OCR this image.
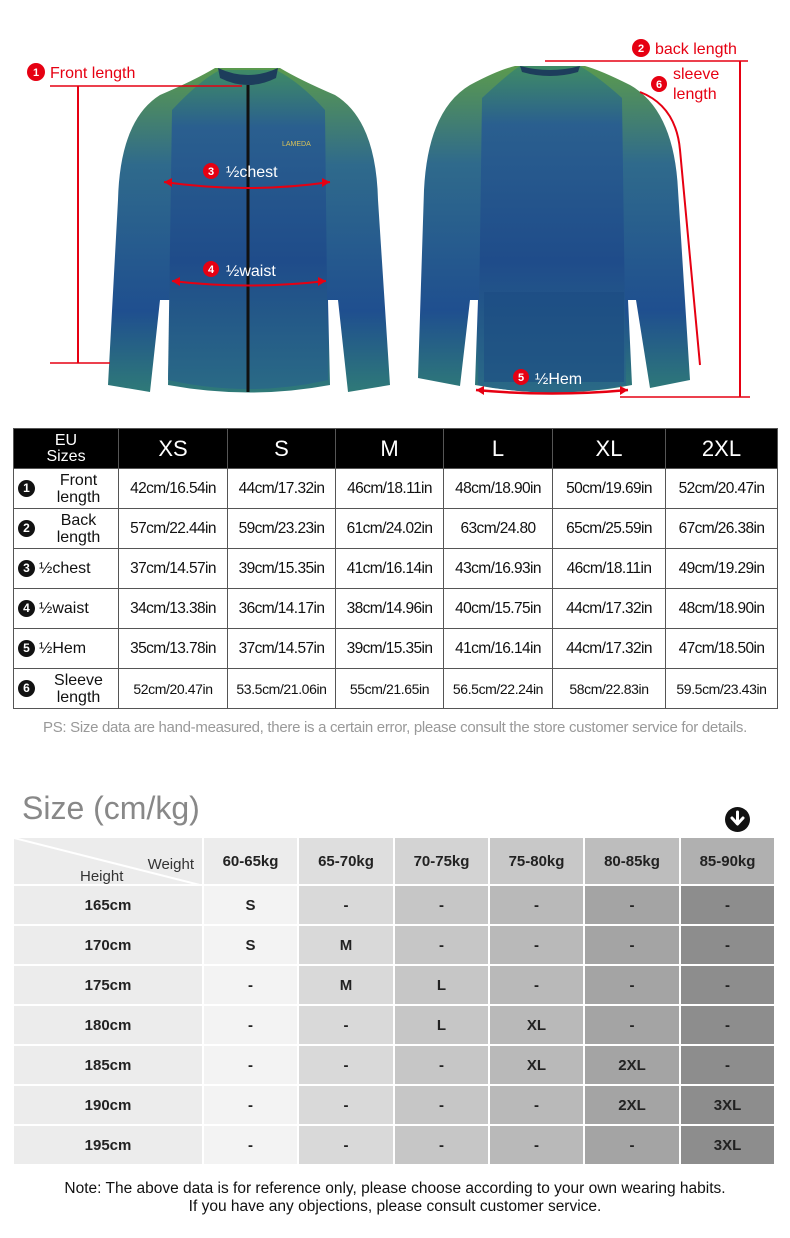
LAMEDA
1 Front length
3 ½chest
4 ½waist
2 back length
6
sleeve
length
5 ½Hem
EU
Sizes	XS	S	M	L	XL	2XL

1 Front
length	42cm/16.54in	44cm/17.32in	46cm/18.11in	48cm/18.90in	50cm/19.69in	52cm/20.47in

2 Back
length	57cm/22.44in	59cm/23.23in	61cm/24.02in	63cm/24.80	65cm/25.59in	67cm/26.38in

3 ½chest	37cm/14.57in	39cm/15.35in	41cm/16.14in	43cm/16.93in	46cm/18.11in	49cm/19.29in

4 ½waist	34cm/13.38in	36cm/14.17in	38cm/14.96in	40cm/15.75in	44cm/17.32in	48cm/18.90in

5 ½Hem	35cm/13.78in	37cm/14.57in	39cm/15.35in	41cm/16.14in	44cm/17.32in	47cm/18.50in

6 Sleeve
length	52cm/20.47in	53.5cm/21.06in	55cm/21.65in	56.5cm/22.24in	58cm/22.83in	59.5cm/23.43in
PS: Size data are hand-measured, there is a certain error, please consult the store customer service for details.
Size (cm/kg)
Weight
Height	60-65kg	65-70kg	70-75kg	75-80kg	80-85kg	85-90kg
165cm	S	-	-	-	-	-
170cm	S	M	-	-	-	-
175cm	-	M	L	-	-	-
180cm	-	-	L	XL	-	-
185cm	-	-	-	XL	2XL	-
190cm	-	-	-	-	2XL	3XL
195cm	-	-	-	-	-	3XL
Note: The above data is for reference only, please choose according to your own wearing habits.
If you have any objections, please consult customer service.
